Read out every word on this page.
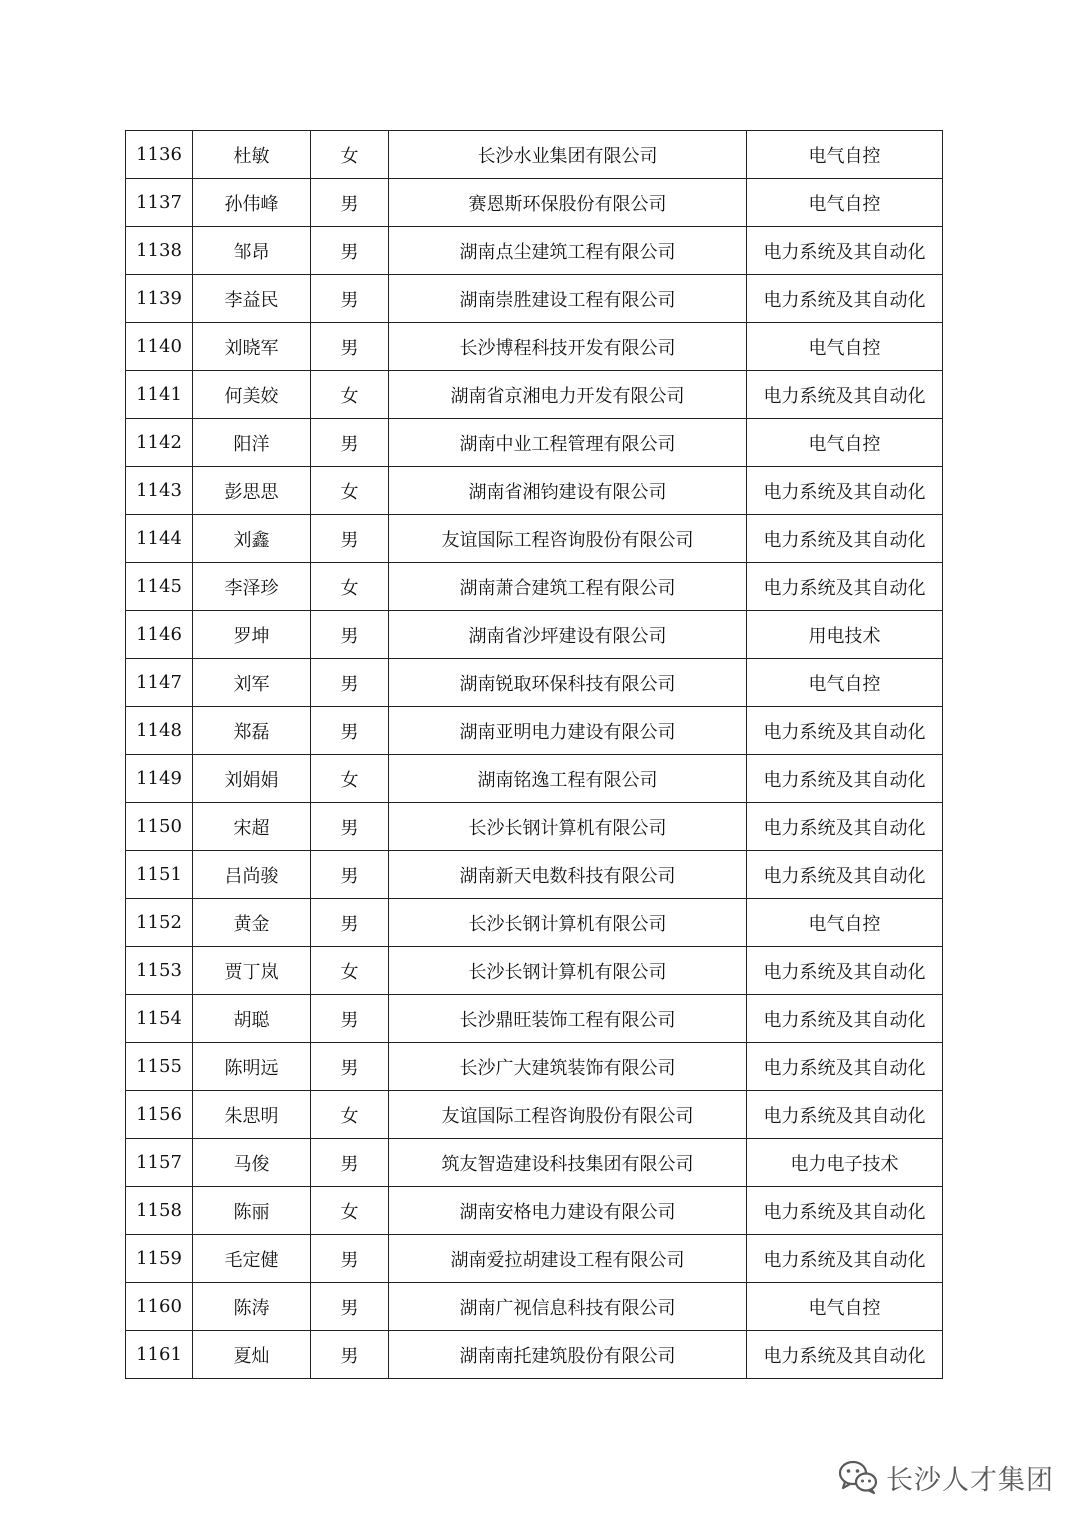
1136	杜敏	女	长沙水业集团有限公司	电气自控
1137	孙伟峰	男	赛恩斯环保股份有限公司	电气自控
1138	邹昂	男	湖南点尘建筑工程有限公司	电力系统及其自动化
1139	李益民	男	湖南崇胜建设工程有限公司	电力系统及其自动化
1140	刘晓军	男	长沙博程科技开发有限公司	电气自控
1141	何美姣	女	湖南省京湘电力开发有限公司	电力系统及其自动化
1142	阳洋	男	湖南中业工程管理有限公司	电气自控
1143	彭思思	女	湖南省湘钧建设有限公司	电力系统及其自动化
1144	刘鑫	男	友谊国际工程咨询股份有限公司	电力系统及其自动化
1145	李泽珍	女	湖南萧合建筑工程有限公司	电力系统及其自动化
1146	罗坤	男	湖南省沙坪建设有限公司	用电技术
1147	刘军	男	湖南锐取环保科技有限公司	电气自控
1148	郑磊	男	湖南亚明电力建设有限公司	电力系统及其自动化
1149	刘娟娟	女	湖南铭逸工程有限公司	电力系统及其自动化
1150	宋超	男	长沙长钢计算机有限公司	电力系统及其自动化
1151	吕尚骏	男	湖南新天电数科技有限公司	电力系统及其自动化
1152	黄金	男	长沙长钢计算机有限公司	电气自控
1153	贾丁岚	女	长沙长钢计算机有限公司	电力系统及其自动化
1154	胡聪	男	长沙鼎旺装饰工程有限公司	电力系统及其自动化
1155	陈明远	男	长沙广大建筑装饰有限公司	电力系统及其自动化
1156	朱思明	女	友谊国际工程咨询股份有限公司	电力系统及其自动化
1157	马俊	男	筑友智造建设科技集团有限公司	电力电子技术
1158	陈丽	女	湖南安格电力建设有限公司	电力系统及其自动化
1159	毛定健	男	湖南爱拉胡建设工程有限公司	电力系统及其自动化
1160	陈涛	男	湖南广视信息科技有限公司	电气自控
1161	夏灿	男	湖南南托建筑股份有限公司	电力系统及其自动化
长沙人才集团
